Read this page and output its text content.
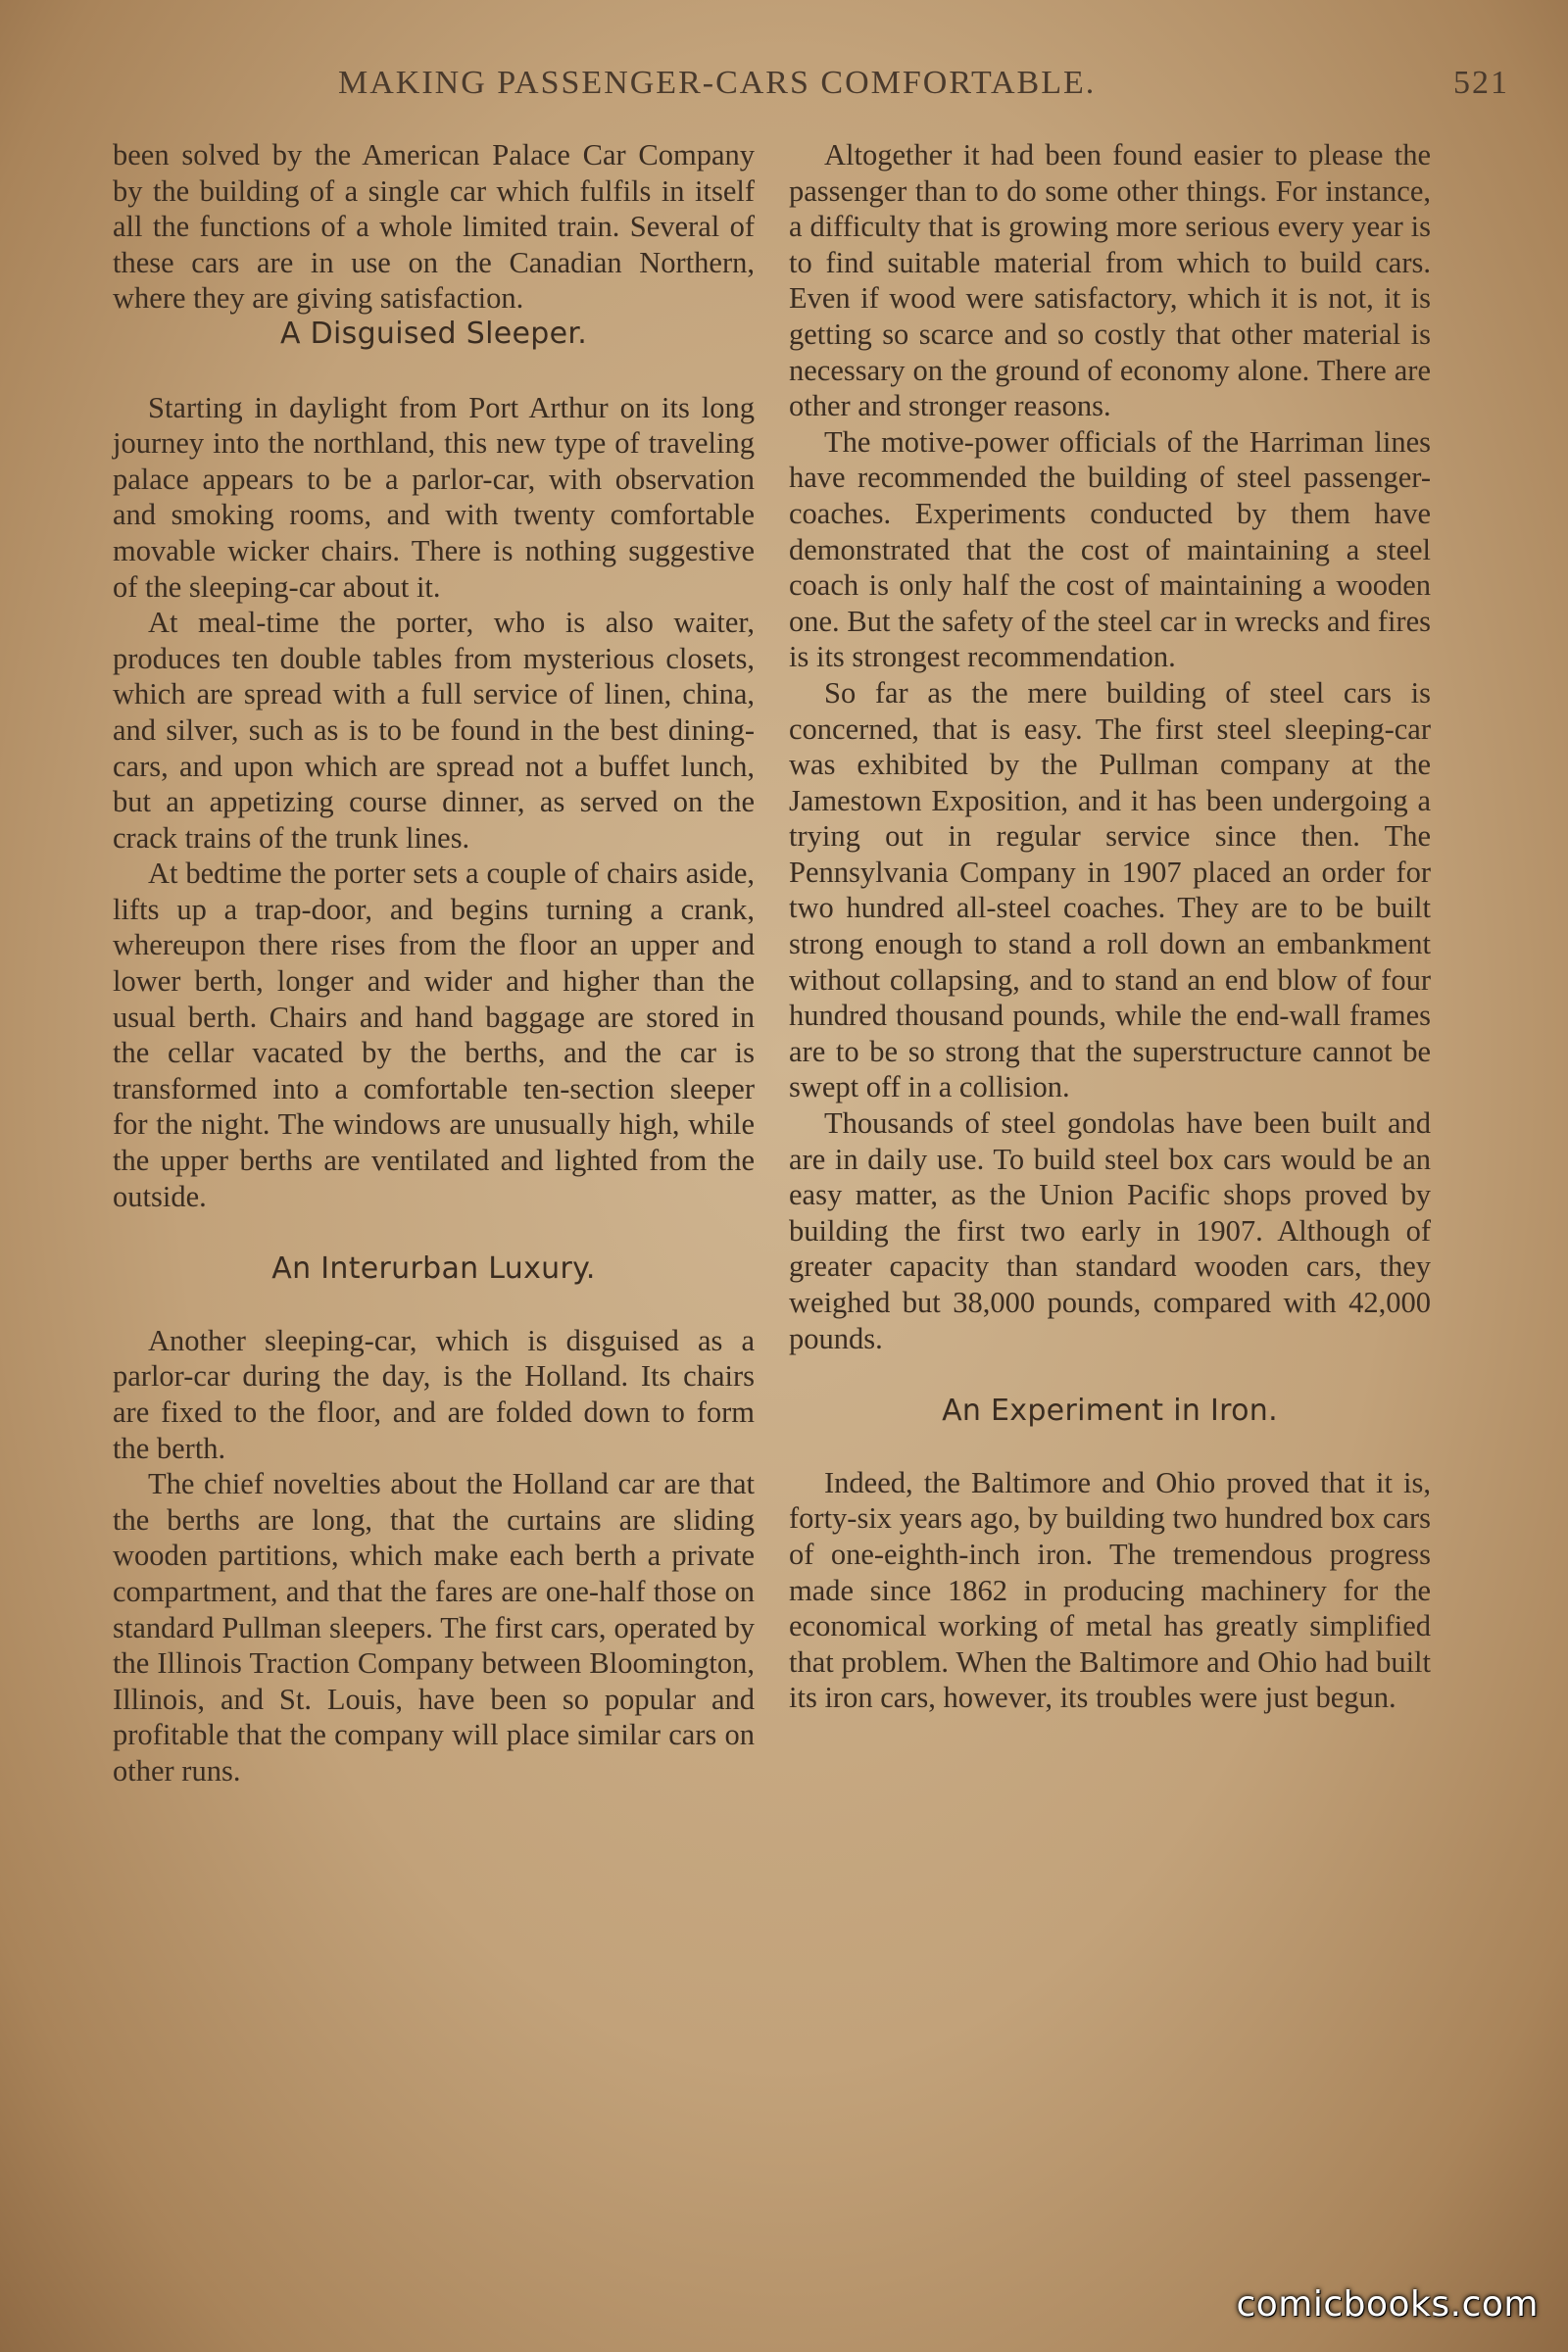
MAKING PASSENGER-CARS COMFORTABLE.	521

been solved by the American Palace Car Company by the building of a single car which fulfils in itself all the functions of a whole limited train. Several of these cars are in use on the Canadian Northern, where they are giving satisfaction.

A Disguised Sleeper.

Starting in daylight from Port Arthur on its long journey into the northland, this new type of traveling palace appears to be a parlor-car, with observation and smoking rooms, and with twenty comfortable movable wicker chairs. There is nothing suggestive of the sleeping-car about it.

At meal-time the porter, who is also waiter, produces ten double tables from mysterious closets, which are spread with a full service of linen, china, and silver, such as is to be found in the best dining-cars, and upon which are spread not a buffet lunch, but an appetizing course dinner, as served on the crack trains of the trunk lines.

At bedtime the porter sets a couple of chairs aside, lifts up a trap-door, and begins turning a crank, whereupon there rises from the floor an upper and lower berth, longer and wider and higher than the usual berth. Chairs and hand baggage are stored in the cellar vacated by the berths, and the car is transformed into a comfortable ten-section sleeper for the night. The windows are unusually high, while the upper berths are ventilated and lighted from the outside.

An Interurban Luxury.

Another sleeping-car, which is disguised as a parlor-car during the day, is the Holland. Its chairs are fixed to the floor, and are folded down to form the berth.

The chief novelties about the Holland car are that the berths are long, that the curtains are sliding wooden partitions, which make each berth a private compartment, and that the fares are one-half those on standard Pullman sleepers. The first cars, operated by the Illinois Traction Company between Bloomington, Illinois, and St. Louis, have been so popular and profitable that the company will place similar cars on other runs.

Altogether it had been found easier to please the passenger than to do some other things. For instance, a difficulty that is growing more serious every year is to find suitable material from which to build cars. Even if wood were satisfactory, which it is not, it is getting so scarce and so costly that other material is necessary on the ground of economy alone. There are other and stronger reasons.

The motive-power officials of the Harriman lines have recommended the building of steel passenger-coaches. Experiments conducted by them have demonstrated that the cost of maintaining a steel coach is only half the cost of maintaining a wooden one. But the safety of the steel car in wrecks and fires is its strongest recommendation.

So far as the mere building of steel cars is concerned, that is easy. The first steel sleeping-car was exhibited by the Pullman company at the Jamestown Exposition, and it has been undergoing a trying out in regular service since then. The Pennsylvania Company in 1907 placed an order for two hundred all-steel coaches. They are to be built strong enough to stand a roll down an embankment without collapsing, and to stand an end blow of four hundred thousand pounds, while the end-wall frames are to be so strong that the superstructure cannot be swept off in a collision.

Thousands of steel gondolas have been built and are in daily use. To build steel box cars would be an easy matter, as the Union Pacific shops proved by building the first two early in 1907. Although of greater capacity than standard wooden cars, they weighed but 38,000 pounds, compared with 42,000 pounds.

An Experiment in Iron.

Indeed, the Baltimore and Ohio proved that it is, forty-six years ago, by building two hundred box cars of one-eighth-inch iron. The tremendous progress made since 1862 in producing machinery for the economical working of metal has greatly simplified that problem. When the Baltimore and Ohio had built its iron cars, however, its troubles were just begun.

comicbooks.com
